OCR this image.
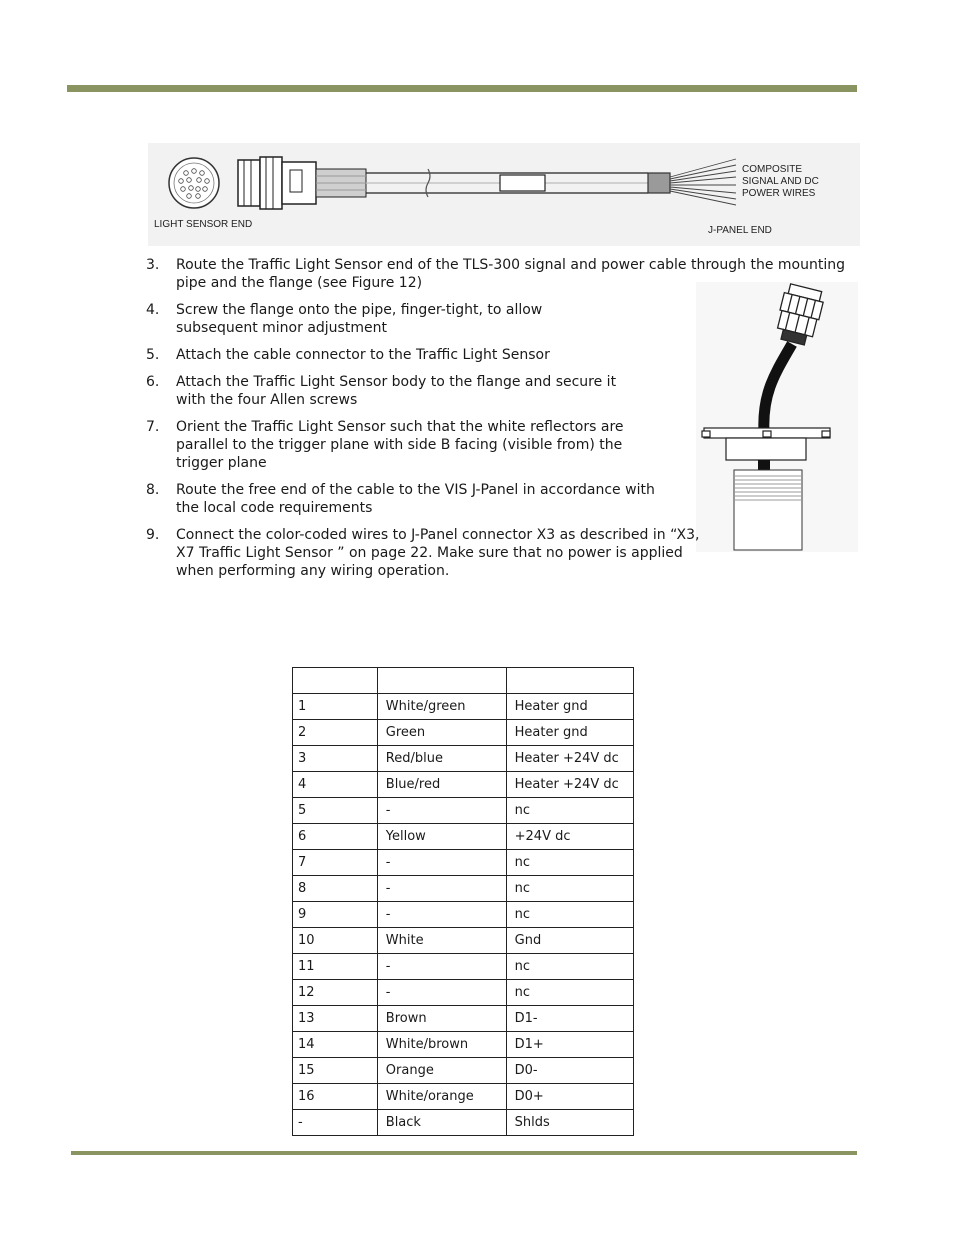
COMPOSITE
SIGNAL AND DC
POWER WIRES
LIGHT SENSOR END
J-PANEL END
3. Route the Traffic Light Sensor end of the TLS-300 signal and power cable through the mounting pipe and the flange (see Figure 12)
4. Screw the flange onto the pipe, finger-tight, to allow subsequent minor adjustment
5. Attach the cable connector to the Traffic Light Sensor
6. Attach the Traffic Light Sensor body to the flange and secure it with the four Allen screws
7. Orient the Traffic Light Sensor such that the white reflectors are parallel to the trigger plane with side B facing (visible from) the trigger plane
8. Route the free end of the cable to the VIS J-Panel in accordance with the local code requirements
9. Connect the color-coded wires to J-Panel connector X3 as described in “X3, X7 Traffic Light Sensor ” on page 22. Make sure that no power is applied when performing any wiring operation.

1	White/green	Heater gnd
2	Green	Heater gnd
3	Red/blue	Heater +24V dc
4	Blue/red	Heater +24V dc
5	-	nc
6	Yellow	+24V dc
7	-	nc
8	-	nc
9	-	nc
10	White	Gnd
11	-	nc
12	-	nc
13	Brown	D1-
14	White/brown	D1+
15	Orange	D0-
16	White/orange	D0+
-	Black	Shlds
